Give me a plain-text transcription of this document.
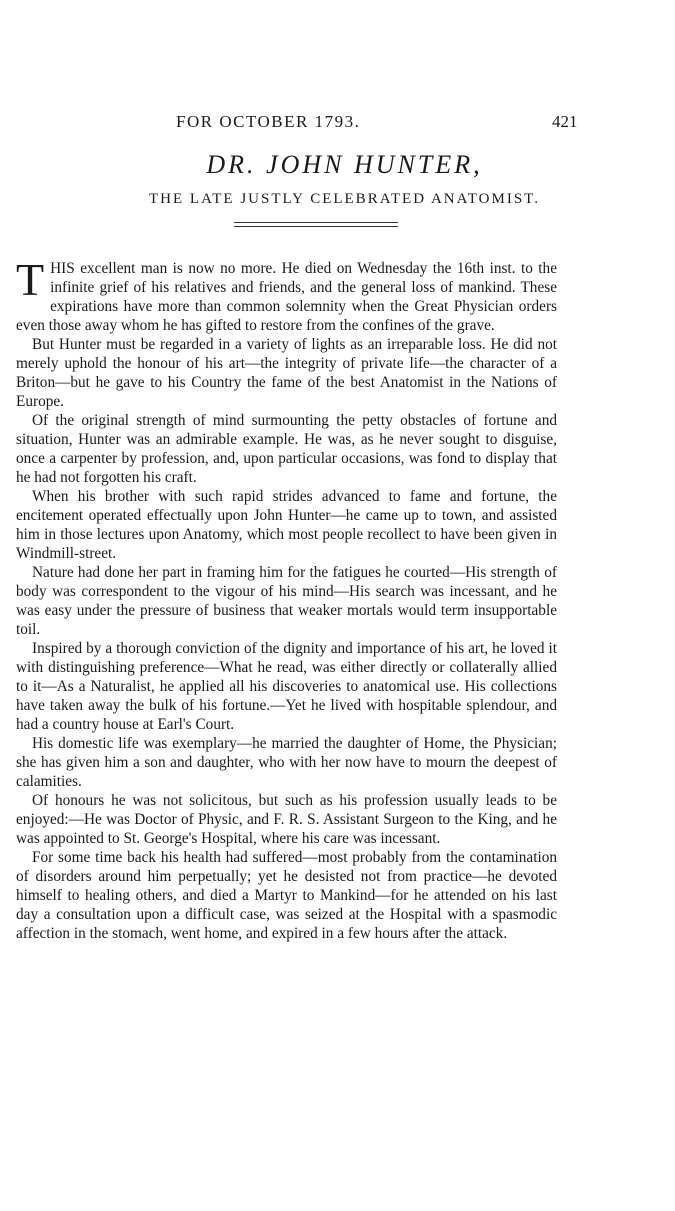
FOR OCTOBER 1793.	421
DR. JOHN HUNTER,
THE LATE JUSTLY CELEBRATED ANATOMIST.

THIS excellent man is now no more. He died on Wednesday the 16th inst. to the infinite grief of his relatives and friends, and the general loss of mankind. These expirations have more than common solemnity when the Great Physician orders even those away whom he has gifted to restore from the confines of the grave.

But Hunter must be regarded in a variety of lights as an irreparable loss. He did not merely uphold the honour of his art—the integrity of private life—the character of a Briton—but he gave to his Country the fame of the best Anatomist in the Nations of Europe.

Of the original strength of mind surmounting the petty obstacles of fortune and situation, Hunter was an admirable example. He was, as he never sought to disguise, once a carpenter by profession, and, upon particular occasions, was fond to display that he had not forgotten his craft.

When his brother with such rapid strides advanced to fame and fortune, the encitement operated effectually upon John Hunter—he came up to town, and assisted him in those lectures upon Anatomy, which most people recollect to have been given in Windmill-street.

Nature had done her part in framing him for the fatigues he courted—His strength of body was correspondent to the vigour of his mind—His search was incessant, and he was easy under the pressure of business that weaker mortals would term insupportable toil.

Inspired by a thorough conviction of the dignity and importance of his art, he loved it with distinguishing preference—What he read, was either directly or collaterally allied to it—As a Naturalist, he applied all his discoveries to anatomical use. His collections have taken away the bulk of his fortune.—Yet he lived with hospitable splendour, and had a country house at Earl's Court.

His domestic life was exemplary—he married the daughter of Home, the Physician; she has given him a son and daughter, who with her now have to mourn the deepest of calamities.

Of honours he was not solicitous, but such as his profession usually leads to be enjoyed:—He was Doctor of Physic, and F. R. S. Assistant Surgeon to the King, and he was appointed to St. George's Hospital, where his care was incessant.

For some time back his health had suffered—most probably from the contamination of disorders around him perpetually; yet he desisted not from practice—he devoted himself to healing others, and died a Martyr to Mankind—for he attended on his last day a consultation upon a difficult case, was seized at the Hospital with a spasmodic affection in the stomach, went home, and expired in a few hours after the attack.
